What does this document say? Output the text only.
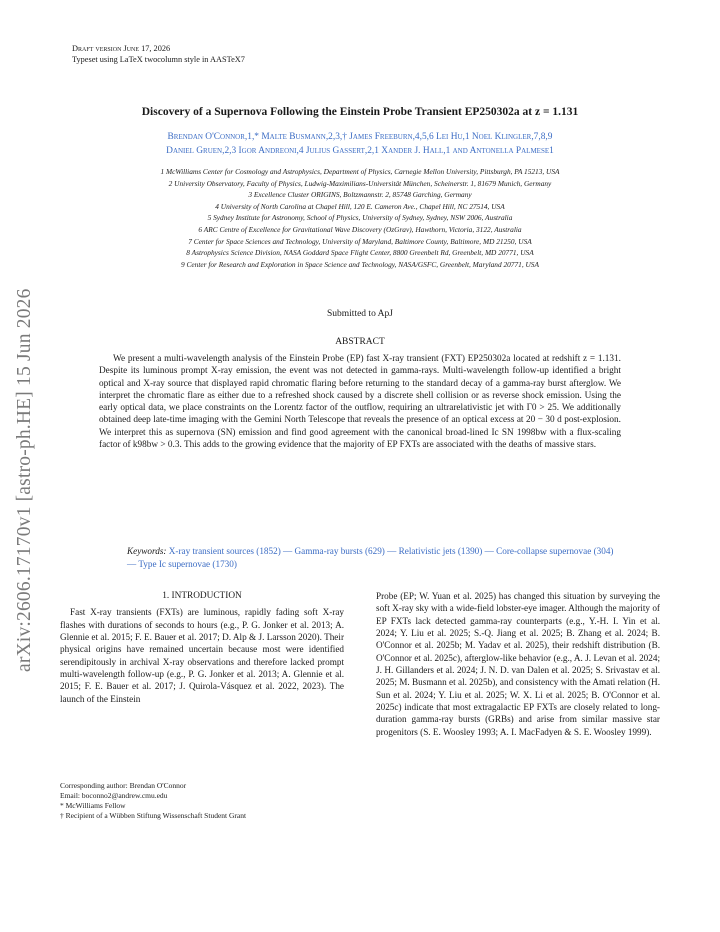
arXiv:2606.17170v1 [astro-ph.HE] 15 Jun 2026
Draft version June 17, 2026
Typeset using LaTeX twocolumn style in AASTeX7
Discovery of a Supernova Following the Einstein Probe Transient EP250302a at z = 1.131
Brendan O'Connor,1,* Malte Busmann,2,3,† James Freeburn,4,5,6 Lei Hu,1 Noel Klingler,7,8,9
Daniel Gruen,2,3 Igor Andreoni,4 Julius Gassert,2,1 Xander J. Hall,1 and Antonella Palmese1
1 McWilliams Center for Cosmology and Astrophysics, Department of Physics, Carnegie Mellon University, Pittsburgh, PA 15213, USA
2 University Observatory, Faculty of Physics, Ludwig-Maximilians-Universität München, Scheinerstr. 1, 81679 Munich, Germany
3 Excellence Cluster ORIGINS, Boltzmannstr. 2, 85748 Garching, Germany
4 University of North Carolina at Chapel Hill, 120 E. Cameron Ave., Chapel Hill, NC 27514, USA
5 Sydney Institute for Astronomy, School of Physics, University of Sydney, Sydney, NSW 2006, Australia
6 ARC Centre of Excellence for Gravitational Wave Discovery (OzGrav), Hawthorn, Victoria, 3122, Australia
7 Center for Space Sciences and Technology, University of Maryland, Baltimore County, Baltimore, MD 21250, USA
8 Astrophysics Science Division, NASA Goddard Space Flight Center, 8800 Greenbelt Rd, Greenbelt, MD 20771, USA
9 Center for Research and Exploration in Space Science and Technology, NASA/GSFC, Greenbelt, Maryland 20771, USA
Submitted to ApJ
ABSTRACT
We present a multi-wavelength analysis of the Einstein Probe (EP) fast X-ray transient (FXT) EP250302a located at redshift z = 1.131. Despite its luminous prompt X-ray emission, the event was not detected in gamma-rays. Multi-wavelength follow-up identified a bright optical and X-ray source that displayed rapid chromatic flaring before returning to the standard decay of a gamma-ray burst afterglow. We interpret the chromatic flare as either due to a refreshed shock caused by a discrete shell collision or as reverse shock emission. Using the early optical data, we place constraints on the Lorentz factor of the outflow, requiring an ultrarelativistic jet with Γ0 > 25. We additionally obtained deep late-time imaging with the Gemini North Telescope that reveals the presence of an optical excess at 20 − 30 d post-explosion. We interpret this as supernova (SN) emission and find good agreement with the canonical broad-lined Ic SN 1998bw with a flux-scaling factor of k98bw > 0.3. This adds to the growing evidence that the majority of EP FXTs are associated with the deaths of massive stars.
Keywords: X-ray transient sources (1852) — Gamma-ray bursts (629) — Relativistic jets (1390) — Core-collapse supernovae (304) — Type Ic supernovae (1730)
1. INTRODUCTION

Fast X-ray transients (FXTs) are luminous, rapidly fading soft X-ray flashes with durations of seconds to hours (e.g., P. G. Jonker et al. 2013; A. Glennie et al. 2015; F. E. Bauer et al. 2017; D. Alp & J. Larsson 2020). Their physical origins have remained uncertain because most were identified serendipitously in archival X-ray observations and therefore lacked prompt multi-wavelength follow-up (e.g., P. G. Jonker et al. 2013; A. Glennie et al. 2015; F. E. Bauer et al. 2017; J. Quirola-Vásquez et al. 2022, 2023). The launch of the Einstein

Probe (EP; W. Yuan et al. 2025) has changed this situation by surveying the soft X-ray sky with a wide-field lobster-eye imager. Although the majority of EP FXTs lack detected gamma-ray counterparts (e.g., Y.-H. I. Yin et al. 2024; Y. Liu et al. 2025; S.-Q. Jiang et al. 2025; B. Zhang et al. 2024; B. O'Connor et al. 2025b; M. Yadav et al. 2025), their redshift distribution (B. O'Connor et al. 2025c), afterglow-like behavior (e.g., A. J. Levan et al. 2024; J. H. Gillanders et al. 2024; J. N. D. van Dalen et al. 2025; S. Srivastav et al. 2025; M. Busmann et al. 2025b), and consistency with the Amati relation (H. Sun et al. 2024; Y. Liu et al. 2025; W. X. Li et al. 2025; B. O'Connor et al. 2025c) indicate that most extragalactic EP FXTs are closely related to long-duration gamma-ray bursts (GRBs) and arise from similar massive star progenitors (S. E. Woosley 1993; A. I. MacFadyen & S. E. Woosley 1999).

Corresponding author: Brendan O'Connor
Email: boconno2@andrew.cmu.edu
* McWilliams Fellow
† Recipient of a Wübben Stiftung Wissenschaft Student Grant
